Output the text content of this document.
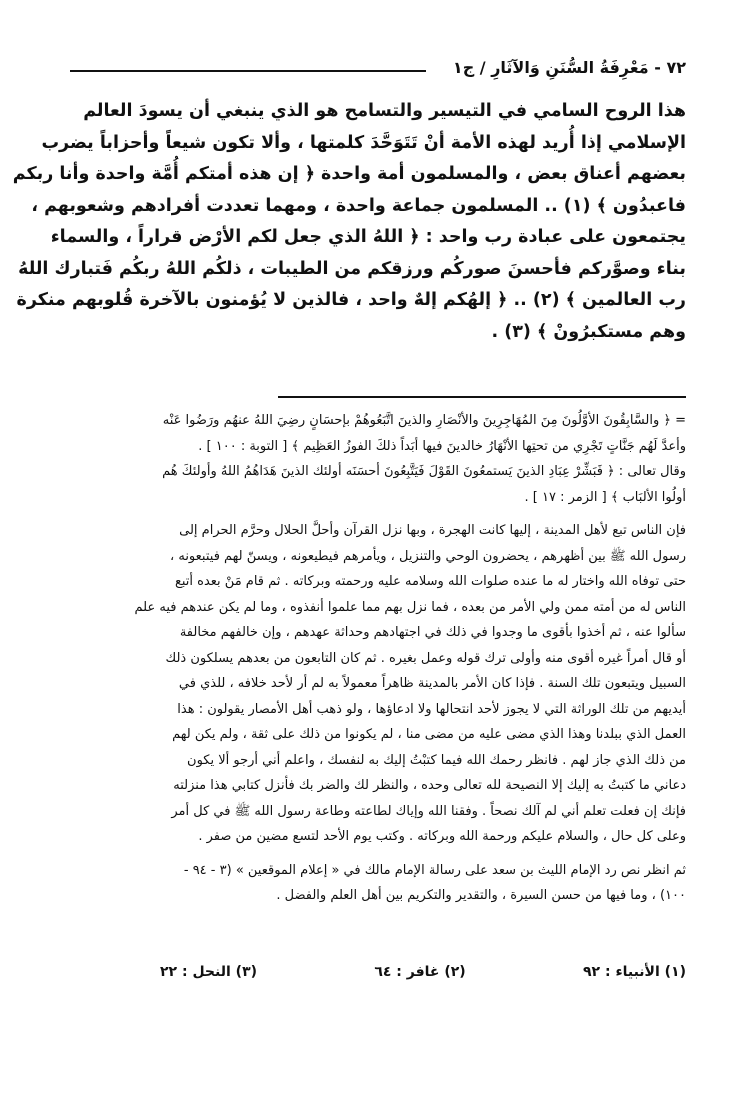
٧٢ - مَعْرِفَةُ السُّنَنِ وَالآثَارِ / ج١

هذا الروح السامي في التيسير والتسامح هو الذي ينبغي أن يسودَ العالم

الإسلامي إذا أُريد لهذه الأمة أنْ تَتَوَحَّدَ كلمتها ، وألا تكون شيعاً وأحزاباً يضرب

بعضهم أعناق بعض ، والمسلمون أمة واحدة ﴿ إن هذه أمتكم أُمَّة واحدة وأنا ربكم

فاعبدُون ﴾ (١) .. المسلمون جماعة واحدة ، ومهما تعددت أفرادهم وشعوبهم ،

يجتمعون على عبادة رب واحد : ﴿ اللهُ الذي جعل لكم الأرْض قراراً ، والسماء

بناء وصوَّركم فأحسنَ صوركُم ورزقكم من الطيبات ، ذلكُم اللهُ ربكُم فَتبارك اللهُ

رب العالمين ﴾ (٢) .. ﴿ إلهُكم إلهٌ واحد ، فالذين لا يُؤمنون بالآخرة قُلوبهم منكرة

وهم مستكبرُونْ ﴾ (٣) .

= ﴿ والسَّابِقُونَ الأوَّلُونَ مِنَ المُهَاجِرِينَ والأنْصَارِ والذينَ اتَّبَعُوهُمْ بإحسَانٍ رضِيَ اللهُ عنهُم ورَضُوا عَنْه

وأعدَّ لَهُم جَنَّاتٍ تَجْرِي من تحتِها الأنْهَارُ خالدينَ فيها أبَداً ذلكَ الفوزُ العَظِيم ﴾ [ التوبة : ١٠٠ ] .

وقال تعالى : ﴿ فَبَشِّرْ عِبَادِ الذينَ يَستمعُونَ القَوْلَ فَيَتَّبِعُونَ أحسَنَه أولئك الذينَ هَدَاهُمُ اللهُ وأولئكَ هُم

أولُوا الألبَاب ﴾ [ الزمر : ١٧ ] .

فإن الناس تبع لأهل المدينة ، إليها كانت الهجرة ، وبها نزل القرآن وأحلَّ الحلال وحرَّم الحرام إلى

رسول الله ﷺ بين أظهرهم ، يحضرون الوحي والتنزيل ، ويأمرهم فيطيعونه ، ويسنّ لهم فيتبعونه ،

حتى توفاه الله واختار له ما عنده صلوات الله وسلامه عليه ورحمته وبركاته . ثم قام مَنْ بعده أتبع

الناس له من أمته ممن ولي الأمر من بعده ، فما نزل بهم مما علموا أنفذوه ، وما لم يكن عندهم فيه علم

سألوا عنه ، ثم أخذوا بأقوى ما وجدوا في ذلك في اجتهادهم وحداثة عهدهم ، وإن خالفهم مخالفة

أو قال أمراً غيره أقوى منه وأولى ترك قوله وعمل بغيره . ثم كان التابعون من بعدهم يسلكون ذلك

السبيل ويتبعون تلك السنة . فإذا كان الأمر بالمدينة ظاهراً معمولاً به لم أر لأحد خلافه ، للذي في

أيديهم من تلك الوراثة التي لا يجوز لأحد انتحالها ولا ادعاؤها ، ولو ذهب أهل الأمصار يقولون : هذا

العمل الذي ببلدنا وهذا الذي مضى عليه من مضى منا ، لم يكونوا من ذلك على ثقة ، ولم يكن لهم

من ذلك الذي جاز لهم . فانظر رحمك الله فيما كتبْتُ إليك به لنفسك ، واعلم أني أرجو ألا يكون

دعاني ما كتبتُ به إليك إلا النصيحة لله تعالى وحده ، والنظر لك والضر بك فأنزل كتابي هذا منزلته

فإنك إن فعلت تعلم أني لم آلك نصحاً . وفقنا الله وإياك لطاعته وطاعة رسول الله ﷺ في كل أمر

وعلى كل حال ، والسلام عليكم ورحمة الله وبركاته . وكتب يوم الأحد لتسع مضين من صفر .

ثم انظر نص رد الإمام الليث بن سعد على رسالة الإمام مالك في « إعلام الموقعين » (٣ - ٩٤ -

١٠٠) ، وما فيها من حسن السيرة ، والتقدير والتكريم بين أهل العلم والفضل .

(١) الأنبياء : ٩٢
(٢) غافر : ٦٤
(٣) النحل : ٢٢
